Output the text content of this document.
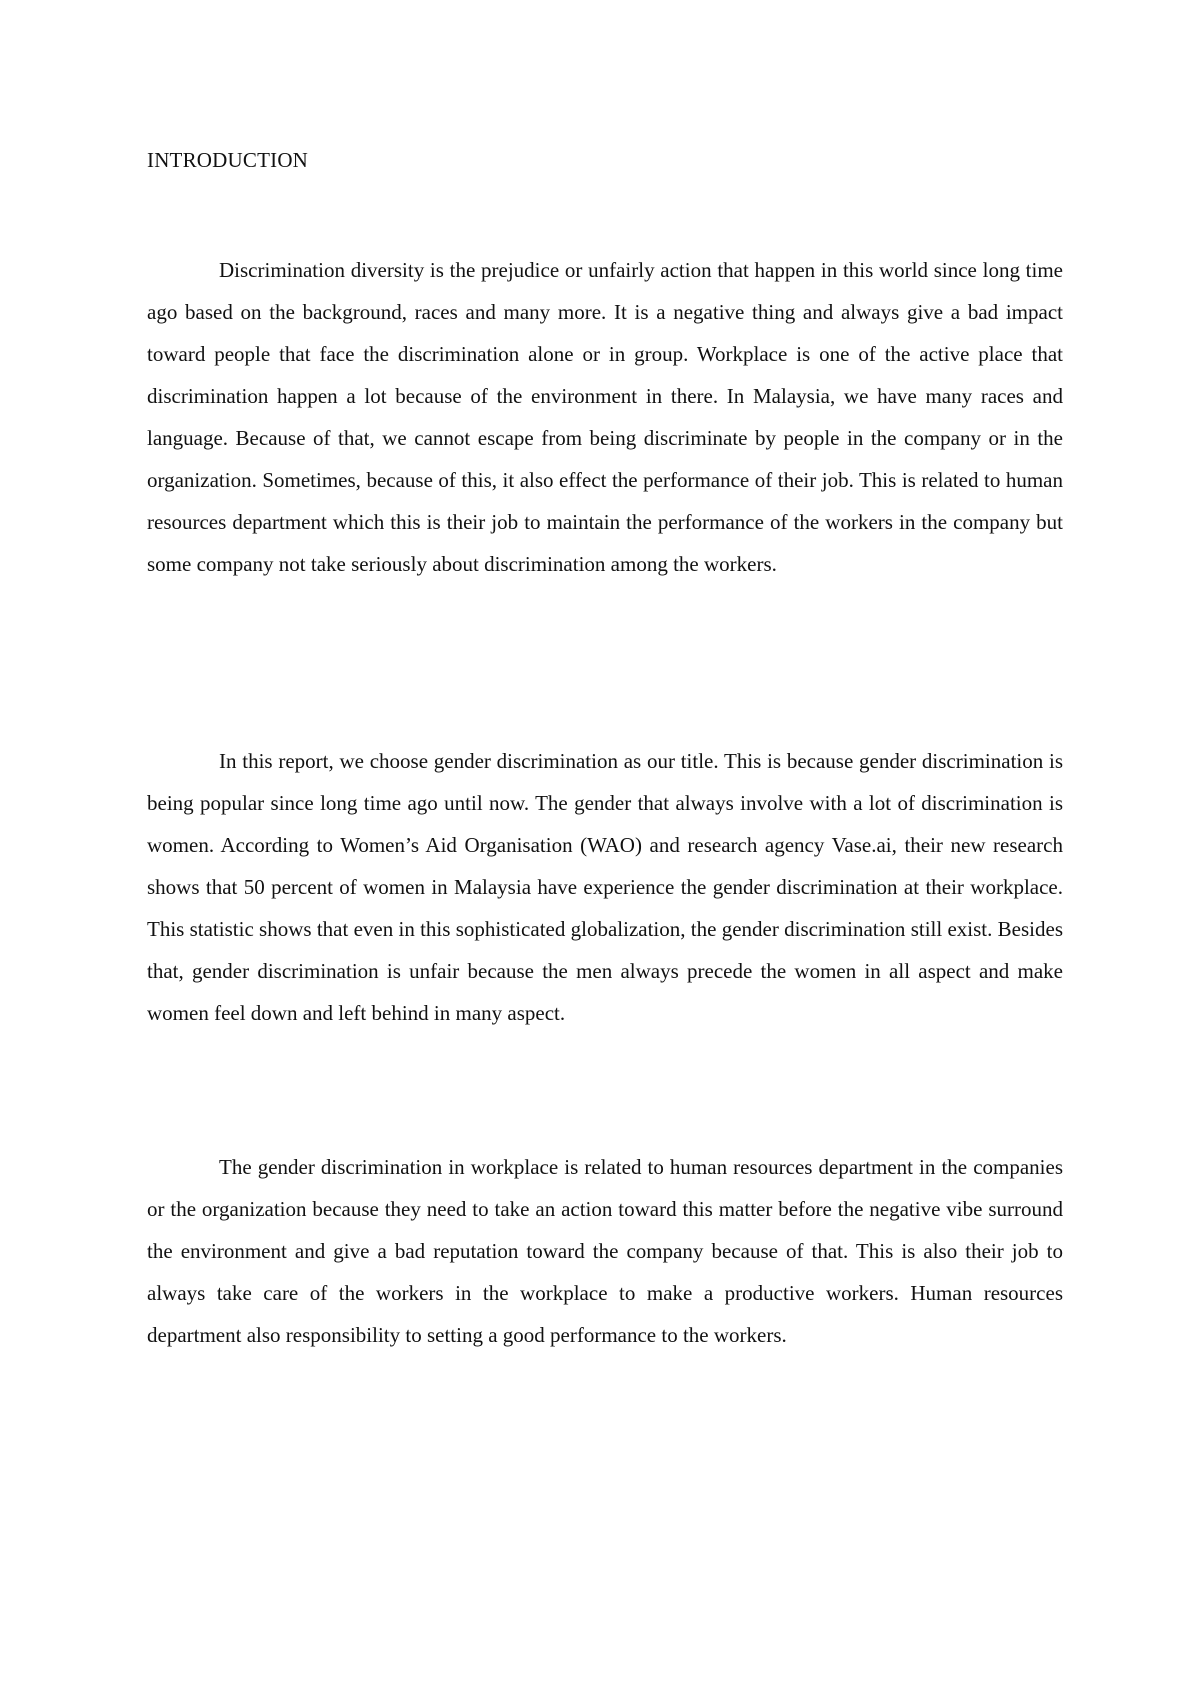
INTRODUCTION

Discrimination diversity is the prejudice or unfairly action that happen in this world since long time ago based on the background, races and many more. It is a negative thing and always give a bad impact toward people that face the discrimination alone or in group. Workplace is one of the active place that discrimination happen a lot because of the environment in there. In Malaysia, we have many races and language. Because of that, we cannot escape from being discriminate by people in the company or in the organization. Sometimes, because of this, it also effect the performance of their job. This is related to human resources department which this is their job to maintain the performance of the workers in the company but some company not take seriously about discrimination among the workers.

In this report, we choose gender discrimination as our title. This is because gender discrimination is being popular since long time ago until now. The gender that always involve with a lot of discrimination is women. According to Women’s Aid Organisation (WAO) and research agency Vase.ai, their new research shows that 50 percent of women in Malaysia have experience the gender discrimination at their workplace. This statistic shows that even in this sophisticated globalization, the gender discrimination still exist. Besides that, gender discrimination is unfair because the men always precede the women in all aspect and make women feel down and left behind in many aspect.

The gender discrimination in workplace is related to human resources department in the companies or the organization because they need to take an action toward this matter before the negative vibe surround the environment and give a bad reputation toward the company because of that. This is also their job to always take care of the workers in the workplace to make a productive workers. Human resources department also responsibility to setting a good performance to the workers.
